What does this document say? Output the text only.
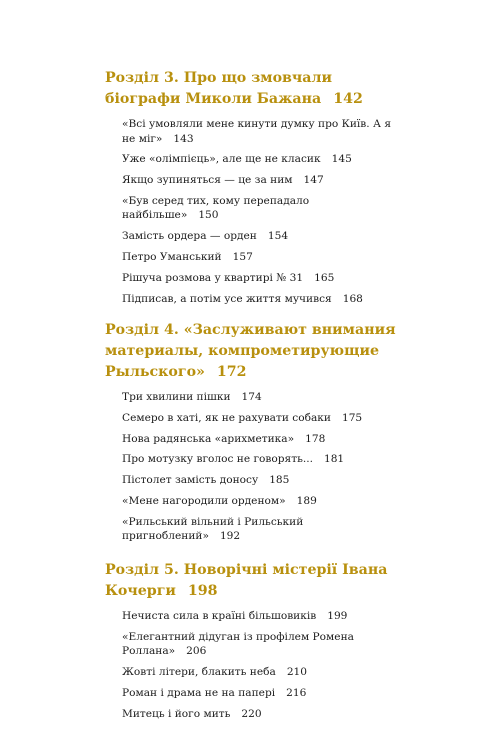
Розділ 3. Про що змовчали біографи Миколи Бажана 142
«Всі умовляли мене кинути думку про Київ. А я не міг» 143
Уже «олімпієць», але ще не класик 145
Якщо зупиняться — це за ним 147
«Був серед тих, кому перепадало найбільше» 150
Замість ордера — орден 154
Петро Уманський 157
Рішуча розмова у квартирі № 31 165
Підписав, а потім усе життя мучився 168
Розділ 4. «Заслуживают внимания материалы, компрометирующие Рыльского» 172
Три хвилини пішки 174
Семеро в хаті, як не рахувати собаки 175
Нова радянська «арихметика» 178
Про мотузку вголос не говорять... 181
Пістолет замість доносу 185
«Мене нагородили орденом» 189
«Рильський вільний і Рильський пригноблений» 192
Розділ 5. Новорічні містерії Івана Кочерги 198
Нечиста сила в країні більшовиків 199
«Елегантний дідуган із профілем Ромена Роллана» 206
Жовті літери, блакить неба 210
Роман і драма не на папері 216
Митець і його мить 220
